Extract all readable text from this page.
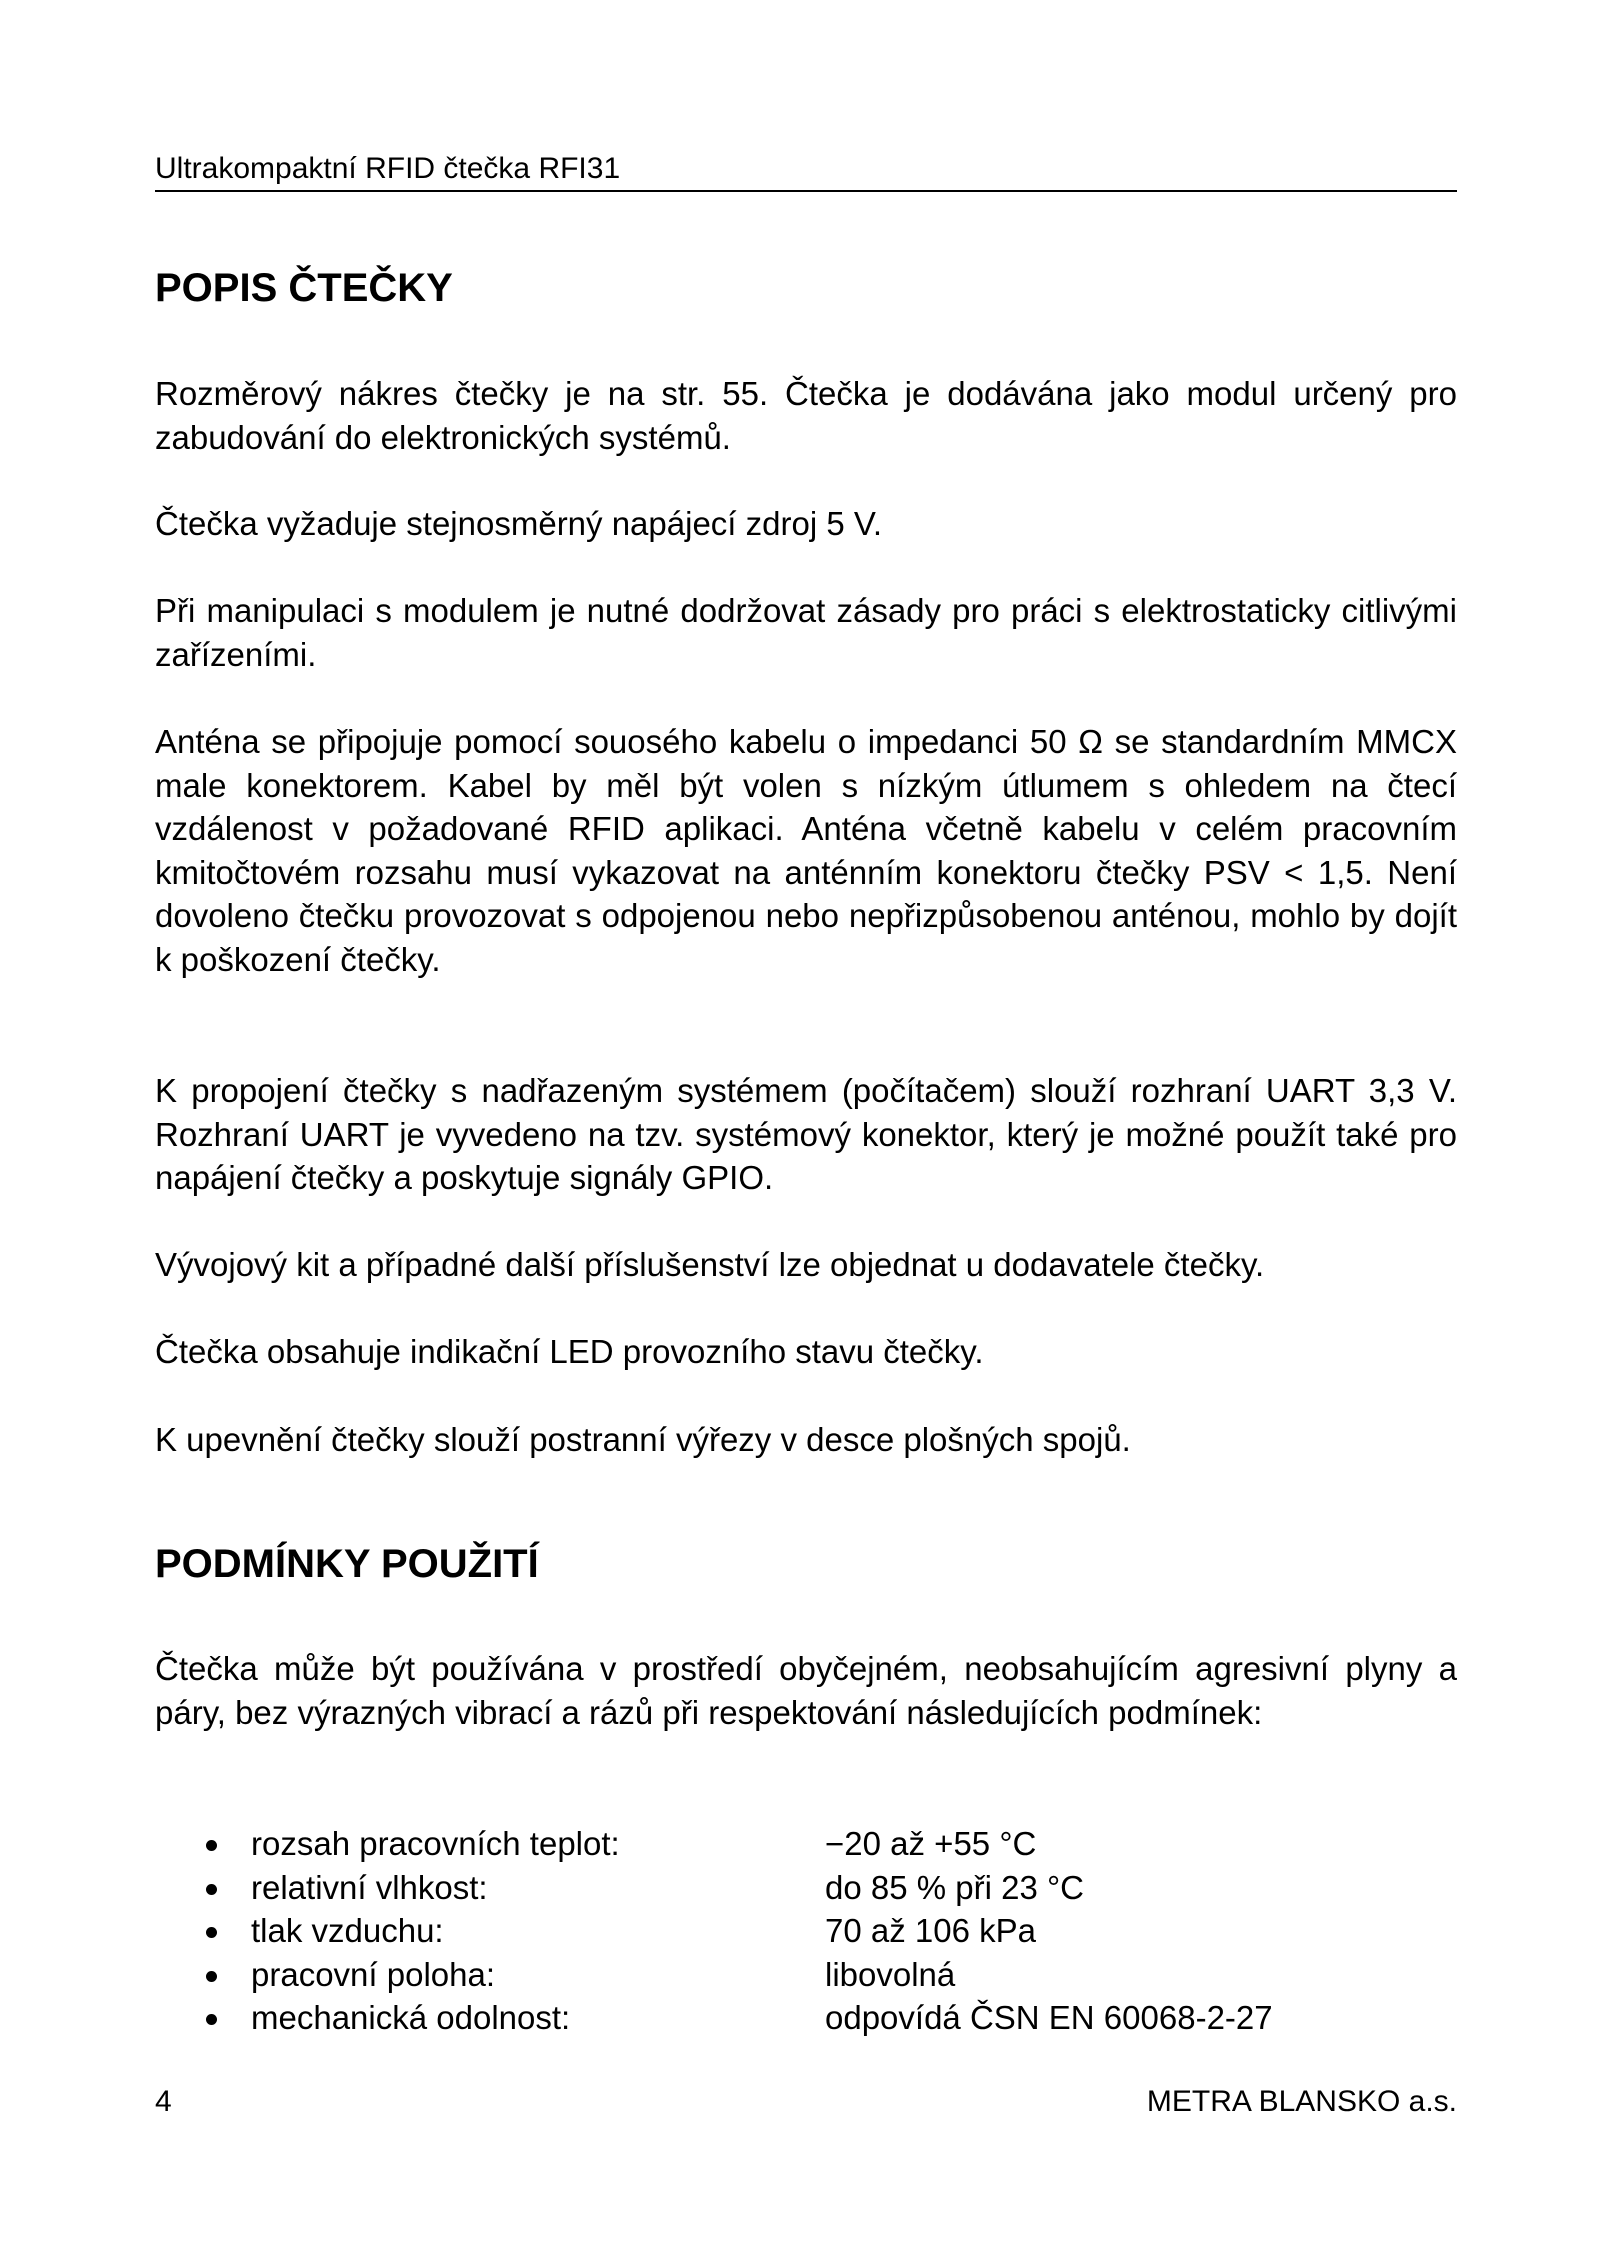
Ultrakompaktní RFID čtečka RFI31
POPIS ČTEČKY

Rozměrový nákres čtečky je na str. 55. Čtečka je dodávána jako modul určený pro zabudování do elektronických systémů.

Čtečka vyžaduje stejnosměrný napájecí zdroj 5 V.

Při manipulaci s modulem je nutné dodržovat zásady pro práci s elektrostaticky citlivými zařízeními.

Anténa se připojuje pomocí souosého kabelu o impedanci 50 Ω se standardním MMCX male konektorem. Kabel by měl být volen s nízkým útlumem s ohledem na čtecí vzdálenost v požadované RFID aplikaci. Anténa včetně kabelu v celém pracovním kmitočtovém rozsahu musí vykazovat na anténním konektoru čtečky PSV < 1,5. Není dovoleno čtečku provozovat s odpojenou nebo nepřizpůsobenou anténou, mohlo by dojít k poškození čtečky.

K propojení čtečky s nadřazeným systémem (počítačem) slouží rozhraní UART 3,3 V. Rozhraní UART je vyvedeno na tzv. systémový konektor, který je možné použít také pro napájení čtečky a poskytuje signály GPIO.

Vývojový kit a případné další příslušenství lze objednat u dodavatele čtečky.

Čtečka obsahuje indikační LED provozního stavu čtečky.

K upevnění čtečky slouží postranní výřezy v desce plošných spojů.

PODMÍNKY POUŽITÍ

Čtečka může být používána v prostředí obyčejném, neobsahujícím agresivní plyny a páry, bez výrazných vibrací a rázů při respektování následujících podmínek:

rozsah pracovních teplot:	−20 až +55 °C
relativní vlhkost:	do 85 % při 23 °C
tlak vzduchu:	70 až 106 kPa
pracovní poloha:	libovolná
mechanická odolnost:	odpovídá ČSN EN 60068-2-27
4	METRA BLANSKO a.s.
